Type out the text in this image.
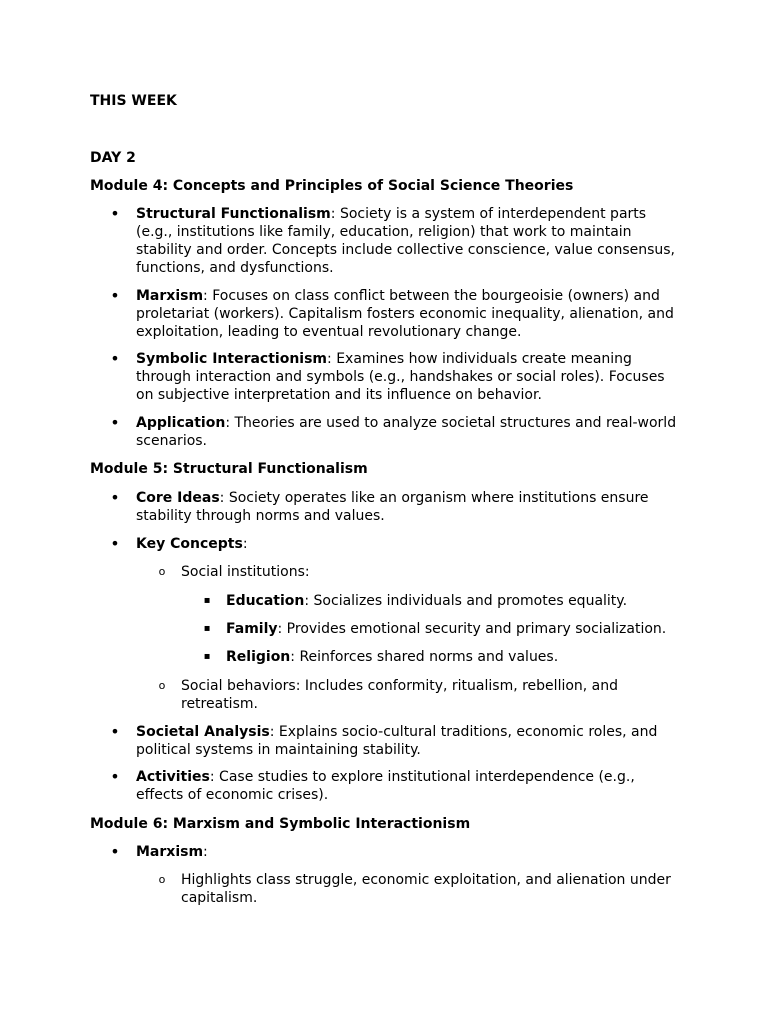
THIS WEEK

DAY 2

Module 4: Concepts and Principles of Social Science Theories

• Structural Functionalism: Society is a system of interdependent parts (e.g., institutions like family, education, religion) that work to maintain stability and order. Concepts include collective conscience, value consensus, functions, and dysfunctions.

• Marxism: Focuses on class conflict between the bourgeoisie (owners) and proletariat (workers). Capitalism fosters economic inequality, alienation, and exploitation, leading to eventual revolutionary change.

• Symbolic Interactionism: Examines how individuals create meaning through interaction and symbols (e.g., handshakes or social roles). Focuses on subjective interpretation and its influence on behavior.

• Application: Theories are used to analyze societal structures and real-world scenarios.

Module 5: Structural Functionalism

• Core Ideas: Society operates like an organism where institutions ensure stability through norms and values.

• Key Concepts:

o Social institutions:

▪ Education: Socializes individuals and promotes equality.

▪ Family: Provides emotional security and primary socialization.

▪ Religion: Reinforces shared norms and values.

o Social behaviors: Includes conformity, ritualism, rebellion, and retreatism.

• Societal Analysis: Explains socio-cultural traditions, economic roles, and political systems in maintaining stability.

• Activities: Case studies to explore institutional interdependence (e.g., effects of economic crises).

Module 6: Marxism and Symbolic Interactionism

• Marxism:

o Highlights class struggle, economic exploitation, and alienation under capitalism.
